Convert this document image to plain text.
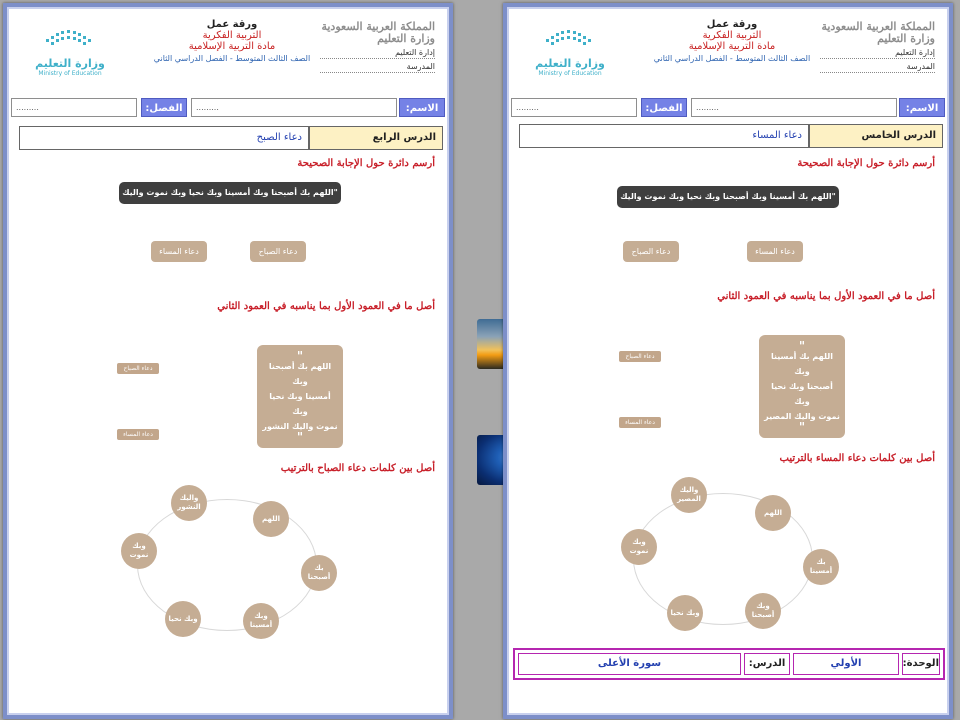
المملكة العربية السعودية
وزارة التعليم
إدارة التعليم
المدرسة
ورقة عمل
التربية الفكرية
مادة التربية الإسلامية
الصف الثالث المتوسط - الفصل الدراسي الثاني
وزارة التعليم
Ministry of Education
الاسم:
.........
الفصل:
.........
الدرس الرابع
دعاء الصبح
أرسم دائرة حول الإجابة الصحيحة
"اللهم بك أصبحنا وبك أمسينا وبك نحيا وبك نموت واليك النشور"
دعاء المساء	دعاء الصباح
أصل ما في العمود الأول بما يناسبه في العمود الثاني
دعاء الصباح
دعاء المساء
"
اللهم بك أصبحنا وبك
أمسينا وبك نحيا وبك
نموت واليك النشور
"
أصل بين كلمات دعاء الصباح بالترتيب
واليك النشور
اللهم
بك أصبحنا
وبك أمسينا
وبك نحيا
وبك نموت
المملكة العربية السعودية
وزارة التعليم
إدارة التعليم
المدرسة
ورقة عمل
التربية الفكرية
مادة التربية الإسلامية
الصف الثالث المتوسط - الفصل الدراسي الثاني
وزارة التعليم
Ministry of Education
الاسم:
.........
الفصل:
.........
الدرس الخامس
دعاء المساء
أرسم دائرة حول الإجابة الصحيحة
"اللهم بك أمسينا وبك أصبحنا وبك نحيا وبك نموت واليك المصير"
دعاء الصباح	دعاء المساء
أصل ما في العمود الأول بما يناسبه في العمود الثاني
دعاء الصباح
دعاء المساء
"
اللهم بك أمسينا وبك
أصبحنا وبك نحيا وبك
نموت واليك المصير
"
أصل بين كلمات دعاء المساء بالترتيب
واليك المصير
اللهم
بك أمسينا
وبك أصبحنا
وبك نحيا
وبك نموت
الوحدة:
الأولي
الدرس:
سورة الأعلى
